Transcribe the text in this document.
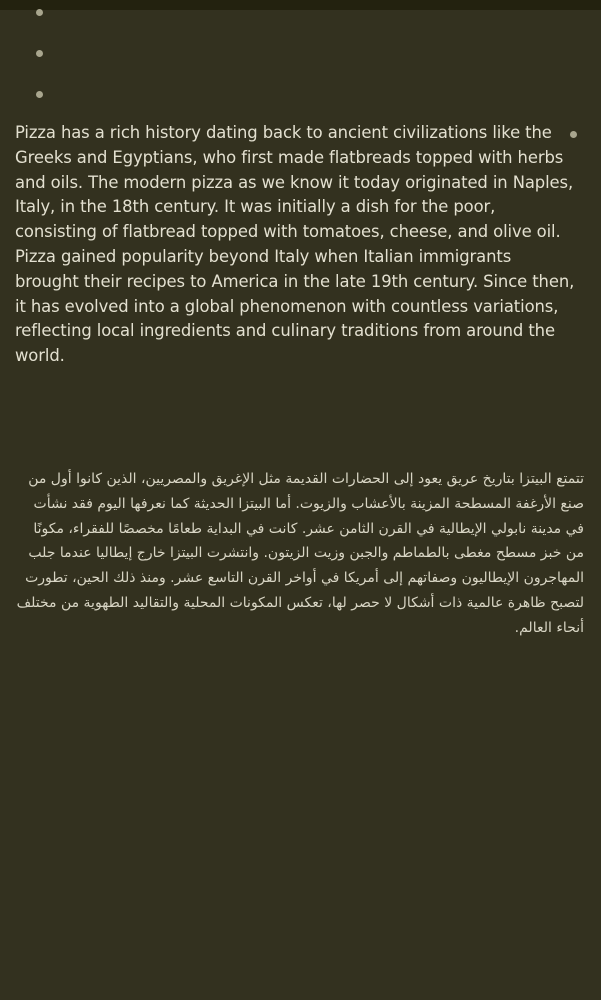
Pizza has a rich history dating back to ancient civilizations like the Greeks and Egyptians, who first made flatbreads topped with herbs and oils. The modern pizza as we know it today originated in Naples, Italy, in the 18th century. It was initially a dish for the poor, consisting of flatbread topped with tomatoes, cheese, and olive oil. Pizza gained popularity beyond Italy when Italian immigrants brought their recipes to America in the late 19th century. Since then, it has evolved into a global phenomenon with countless variations, reflecting local ingredients and culinary traditions from around the world.

تتمتع البيتزا بتاريخ عريق يعود إلى الحضارات القديمة مثل الإغريق والمصريين، الذين كانوا أول من صنع الأرغفة المسطحة المزينة بالأعشاب والزيوت. أما البيتزا الحديثة كما نعرفها اليوم فقد نشأت في مدينة نابولي الإيطالية في القرن الثامن عشر. كانت في البداية طعامًا مخصصًا للفقراء، مكونًا من خبز مسطح مغطى بالطماطم والجبن وزيت الزيتون. وانتشرت البيتزا خارج إيطاليا عندما جلب المهاجرون الإيطاليون وصفاتهم إلى أمريكا في أواخر القرن التاسع عشر. ومنذ ذلك الحين، تطورت لتصبح ظاهرة عالمية ذات أشكال لا حصر لها، تعكس المكونات المحلية والتقاليد الطهوية من مختلف أنحاء العالم.
